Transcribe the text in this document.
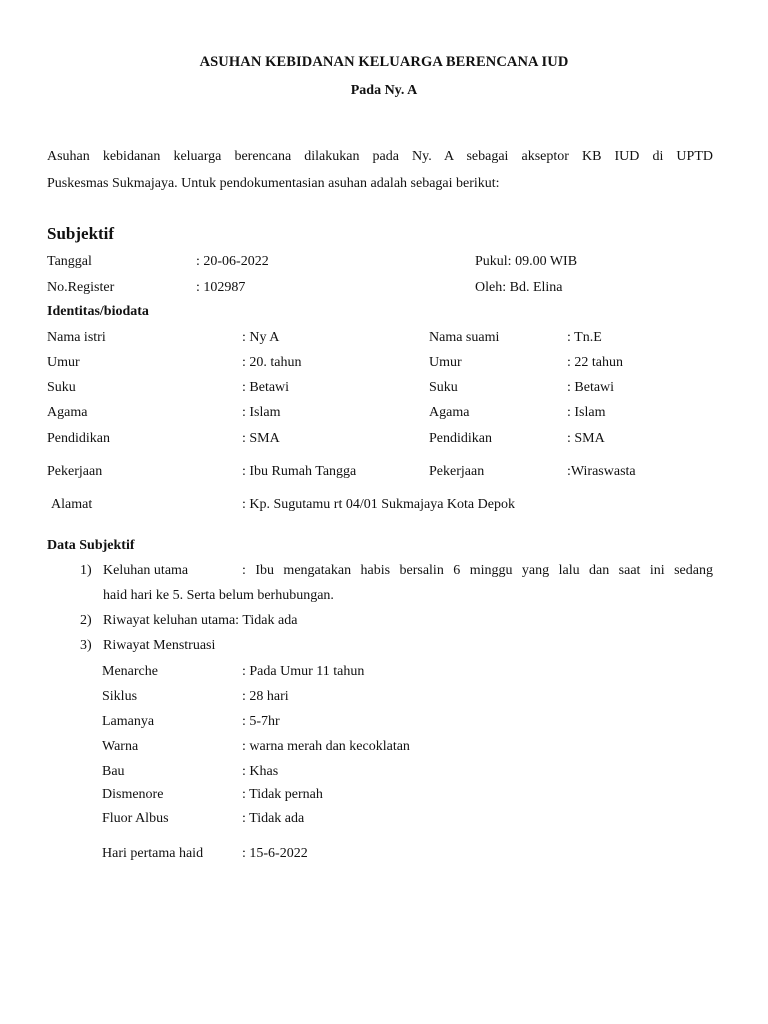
ASUHAN KEBIDANAN KELUARGA BERENCANA IUD
Pada Ny. A
Asuhan kebidanan keluarga berencana dilakukan pada Ny. A sebagai akseptor KB IUD di UPTD
Puskesmas Sukmajaya. Untuk pendokumentasian asuhan adalah sebagai berikut:
Subjektif
Tanggal	: 20-06-2022	Pukul: 09.00 WIB
No.Register	: 102987	Oleh: Bd. Elina
Identitas/biodata
Nama istri	: Ny A	Nama suami	: Tn.E
Umur	: 20. tahun	Umur	: 22 tahun
Suku	: Betawi	Suku	: Betawi
Agama	: Islam	Agama	: Islam
Pendidikan	: SMA	Pendidikan	: SMA
Pekerjaan	: Ibu Rumah Tangga	Pekerjaan	:Wiraswasta
Alamat	: Kp. Sugutamu rt 04/01 Sukmajaya Kota Depok
Data Subjektif
1) Keluhan utama	: Ibu mengatakan habis bersalin 6 minggu yang lalu dan saat ini sedang
haid hari ke 5. Serta belum berhubungan.
2) Riwayat keluhan utama: Tidak ada
3) Riwayat Menstruasi
Menarche	: Pada Umur 11 tahun
Siklus	: 28 hari
Lamanya	: 5-7hr
Warna	: warna merah dan kecoklatan
Bau	: Khas
Dismenore	: Tidak pernah
Fluor Albus	: Tidak ada
Hari pertama haid	: 15-6-2022
